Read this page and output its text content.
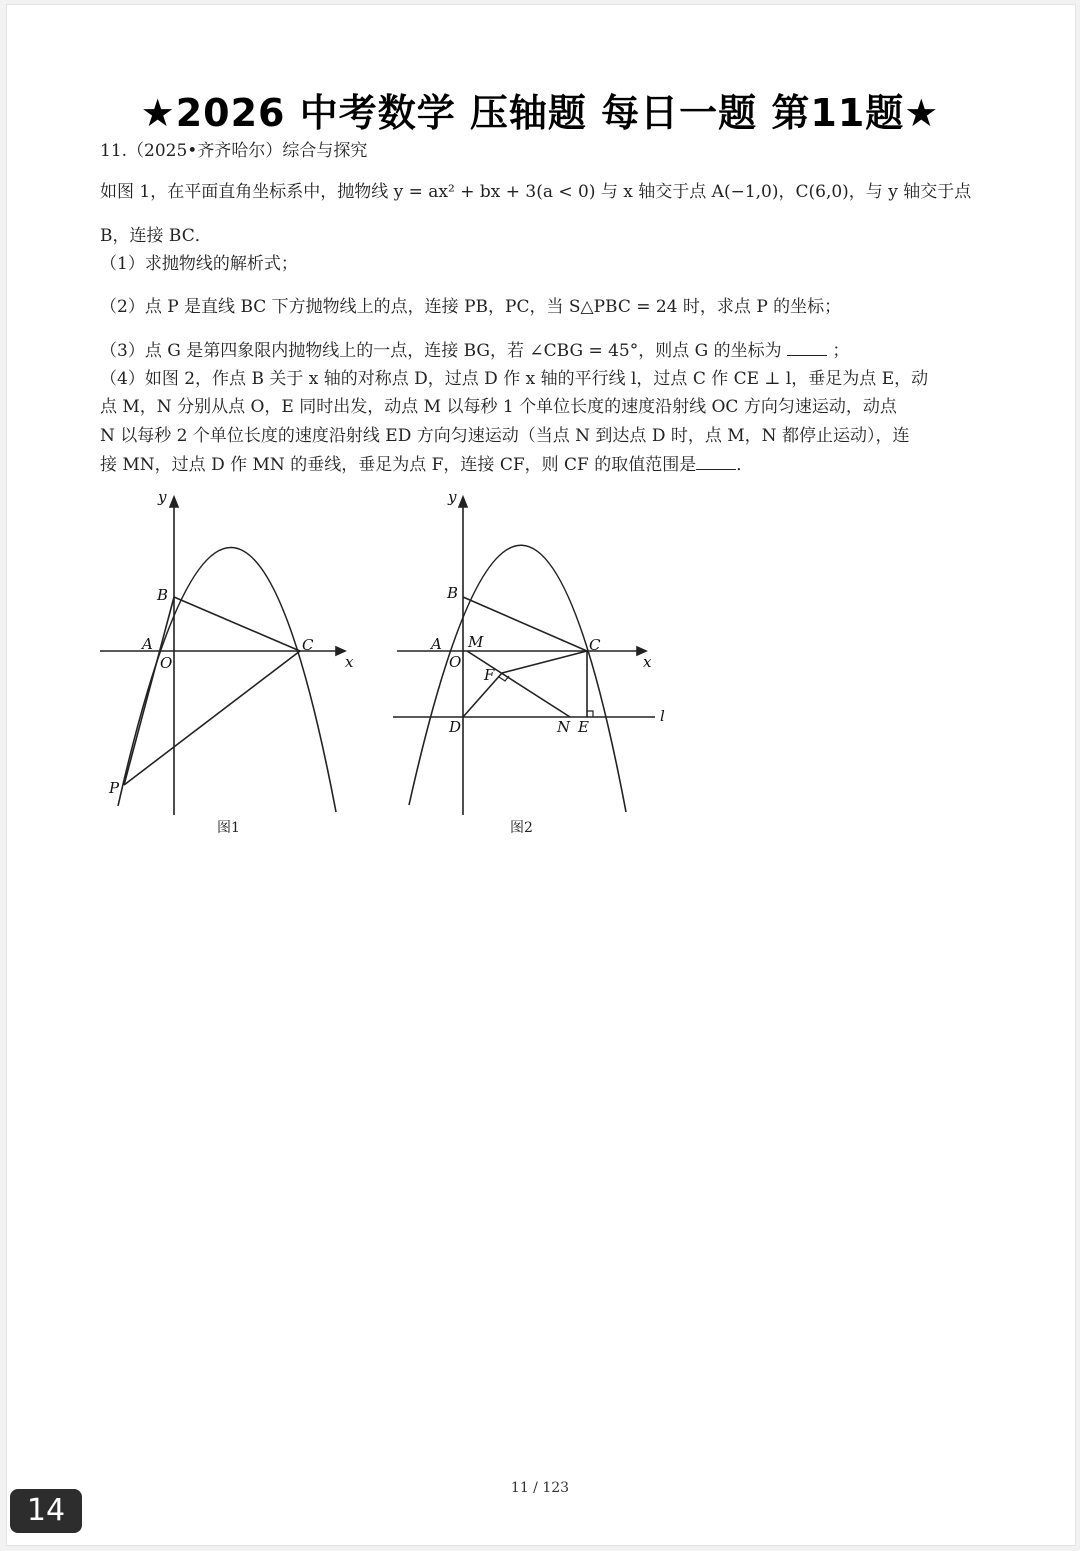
★2026 中考数学 压轴题 每日一题 第11题★
11.（2025•齐齐哈尔）综合与探究
如图 1，在平面直角坐标系中，抛物线 y = ax² + bx + 3(a < 0) 与 x 轴交于点 A(−1,0)，C(6,0)，与 y 轴交于点
B，连接 BC．
（1）求抛物线的解析式；
（2）点 P 是直线 BC 下方抛物线上的点，连接 PB，PC，当 S△PBC = 24 时，求点 P 的坐标；
（3）点 G 是第四象限内抛物线上的一点，连接 BG，若 ∠CBG = 45°，则点 G 的坐标为	；
（4）如图 2，作点 B 关于 x 轴的对称点 D，过点 D 作 x 轴的平行线 l，过点 C 作 CE ⊥ l，垂足为点 E，动
点 M，N 分别从点 O，E 同时出发，动点 M 以每秒 1 个单位长度的速度沿射线 OC 方向匀速运动，动点
N 以每秒 2 个单位长度的速度沿射线 ED 方向匀速运动（当点 N 到达点 D 时，点 M，N 都停止运动），连
接 MN，过点 D 作 MN 的垂线，垂足为点 F，连接 CF，则 CF 的取值范围是 ．
y
B
A
O
C
x
P
图1
y
B
A M
O
C
x
F
D	N E
l
图2
11 / 123
14
